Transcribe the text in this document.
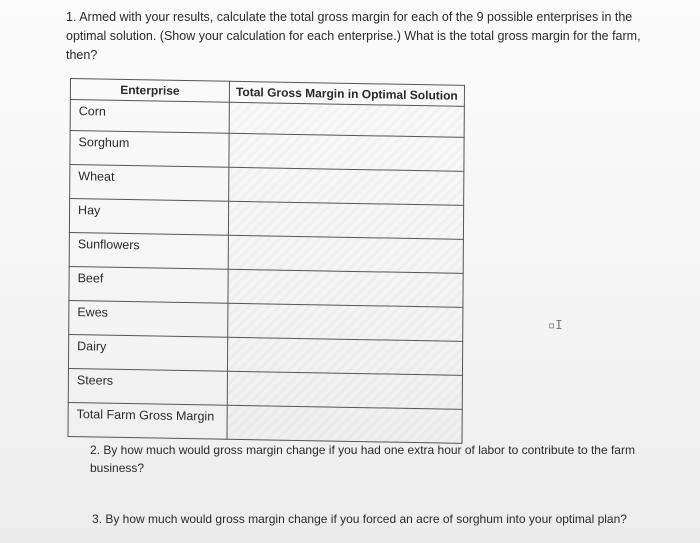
1. Armed with your results, calculate the total gross margin for each of the 9 possible enterprises in the optimal solution. (Show your calculation for each enterprise.) What is the total gross margin for the farm, then?
Enterprise	Total Gross Margin in Optimal Solution
Corn	
Sorghum	
Wheat	
Hay	
Sunflowers	
Beef	
Ewes	
Dairy	
Steers	
Total Farm Gross Margin	
▫I
2. By how much would gross margin change if you had one extra hour of labor to contribute to the farm business?
3. By how much would gross margin change if you forced an acre of sorghum into your optimal plan?
